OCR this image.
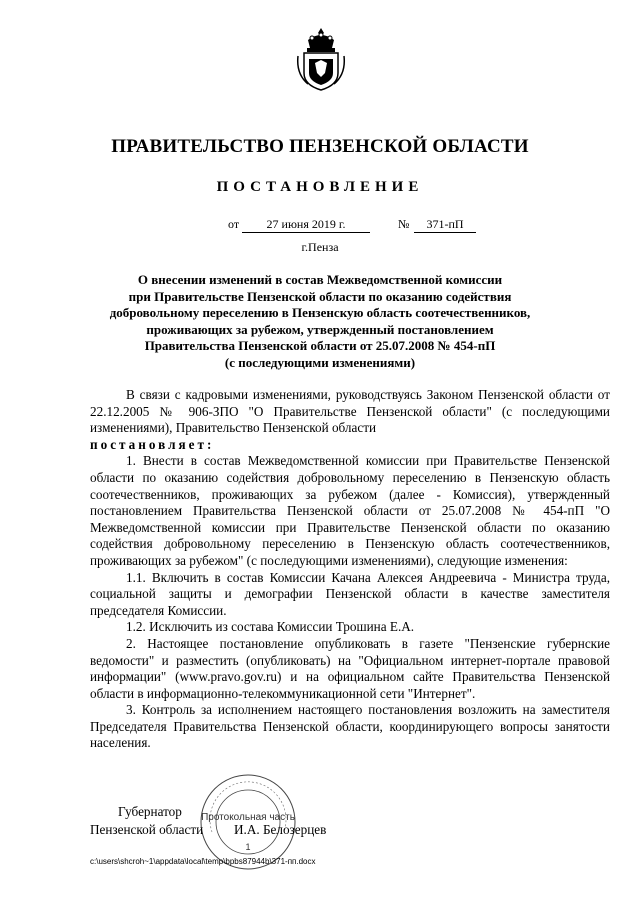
ПРАВИТЕЛЬСТВО ПЕНЗЕНСКОЙ ОБЛАСТИ
ПОСТАНОВЛЕНИЕ
от	27 июня 2019 г.	№	371-пП
г.Пенза
О внесении изменений в состав Межведомственной комиссии
при Правительстве Пензенской области по оказанию содействия
добровольному переселению в Пензенскую область соотечественников,
проживающих за рубежом, утвержденный постановлением
Правительства Пензенской области от 25.07.2008 № 454-пП
(с последующими изменениями)

В связи с кадровыми изменениями, руководствуясь Законом Пензенской области от 22.12.2005 № 906-ЗПО "О Правительстве Пензенской области" (с последующими изменениями), Правительство Пензенской области

постановляет:

1. Внести в состав Межведомственной комиссии при Правительстве Пензенской области по оказанию содействия добровольному переселению в Пензенскую область соотечественников, проживающих за рубежом (далее - Комиссия), утвержденный постановлением Правительства Пензенской области от 25.07.2008 № 454-пП "О Межведомственной комиссии при Правительстве Пензенской области по оказанию содействия добровольному переселению в Пензенскую область соотечественников, проживающих за рубежом" (с последующими изменениями), следующие изменения:

1.1. Включить в состав Комиссии Качана Алексея Андреевича - Министра труда, социальной защиты и демографии Пензенской области в качестве заместителя председателя Комиссии.

1.2. Исключить из состава Комиссии Трошина Е.А.

2. Настоящее постановление опубликовать в газете "Пензенские губернские ведомости" и разместить (опубликовать) на "Официальном интернет-портале правовой информации" (www.pravo.gov.ru) и на официальном сайте Правительства Пензенской области в информационно-телекоммуникационной сети "Интернет".

3. Контроль за исполнением настоящего постановления возложить на заместителя Председателя Правительства Пензенской области, координирующего вопросы занятости населения.

Протокольная часть
1
Губернатор
Пензенской области И.А. Белозерцев
c:\users\shcroh~1\appdata\local\temp\bpbs87944b\371-пп.docx
